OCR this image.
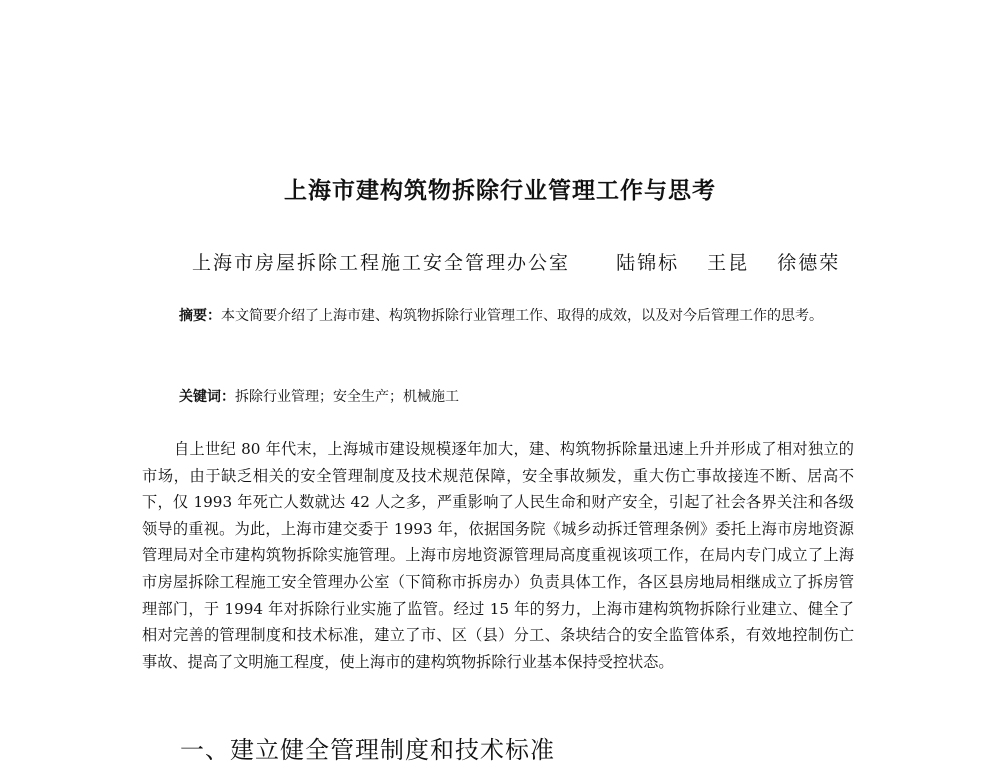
上海市建构筑物拆除行业管理工作与思考
上海市房屋拆除工程施工安全管理办公室 陆锦标 王昆 徐德荣
摘要：本文简要介绍了上海市建、构筑物拆除行业管理工作、取得的成效，以及对今后管理工作的思考。
关键词：拆除行业管理；安全生产；机械施工
自上世纪 80 年代末，上海城市建设规模逐年加大，建、构筑物拆除量迅速上升并形成了相对独立的市场，由于缺乏相关的安全管理制度及技术规范保障，安全事故频发，重大伤亡事故接连不断、居高不下，仅 1993 年死亡人数就达 42 人之多，严重影响了人民生命和财产安全，引起了社会各界关注和各级领导的重视。为此，上海市建交委于 1993 年，依据国务院《城乡动拆迁管理条例》委托上海市房地资源管理局对全市建构筑物拆除实施管理。上海市房地资源管理局高度重视该项工作，在局内专门成立了上海市房屋拆除工程施工安全管理办公室（下简称市拆房办）负责具体工作，各区县房地局相继成立了拆房管理部门，于 1994 年对拆除行业实施了监管。经过 15 年的努力，上海市建构筑物拆除行业建立、健全了相对完善的管理制度和技术标准，建立了市、区（县）分工、条块结合的安全监管体系，有效地控制伤亡事故、提高了文明施工程度，使上海市的建构筑物拆除行业基本保持受控状态。
一、建立健全管理制度和技术标准
